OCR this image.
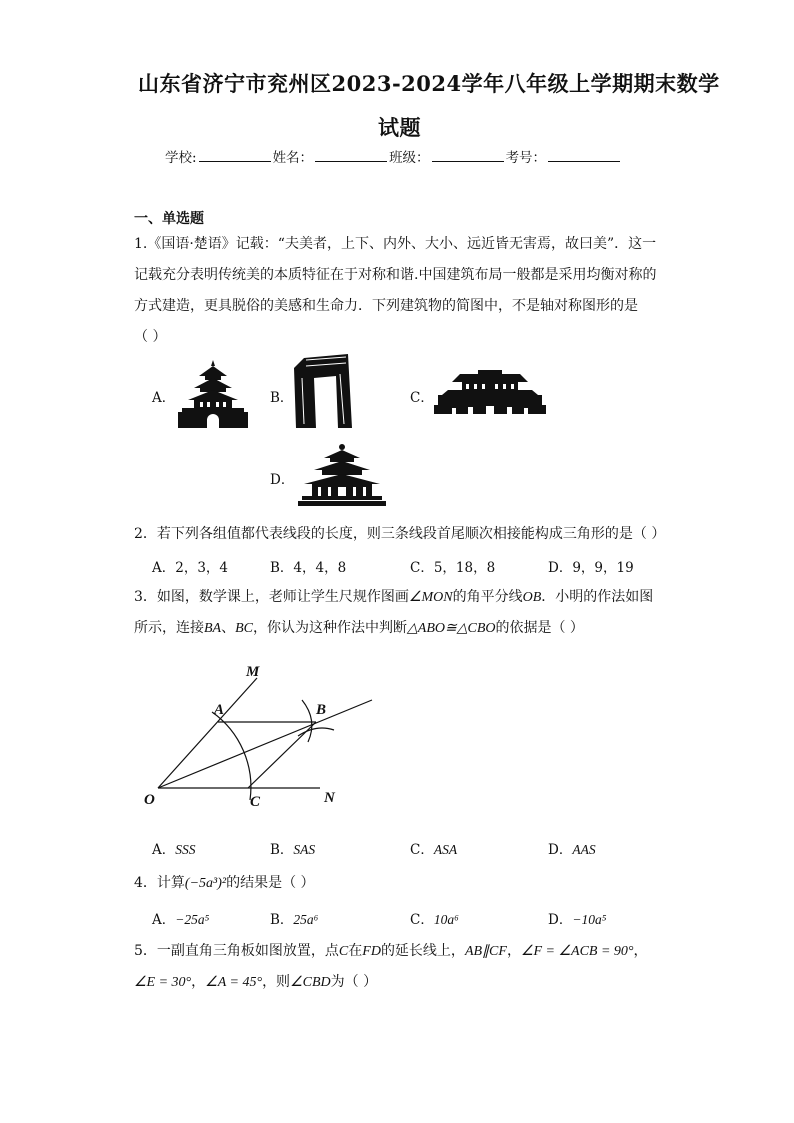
山东省济宁市兖州区2023-2024学年八年级上学期期末数学
试题
学校:	姓名：	班级：	考号：
一、单选题
1.《国语·楚语》记载：“夫美者，上下、内外、大小、远近皆无害焉，故曰美”．这一
记载充分表明传统美的本质特征在于对称和谐.中国建筑布局一般都是采用均衡对称的
方式建造，更具脱俗的美感和生命力．下列建筑物的简图中，不是轴对称图形的是
（ ）
A．	B．	C．
D．
2．若下列各组值都代表线段的长度，则三条线段首尾顺次相接能构成三角形的是（ ）
A．2，3，4	B．4，4，8	C．5，18，8	D．9，9，19
3．如图，数学课上，老师让学生尺规作图画∠MON的角平分线OB．小明的作法如图
所示，连接BA、BC，你认为这种作法中判断△ABO≅△CBO的依据是（ ）
M
A	B
O	C	N
A．SSS	B．SAS	C．ASA	D．AAS
4．计算(−5a³)²的结果是（ ）
A．−25a⁵	B．25a⁶	C．10a⁶	D．−10a⁵
5．一副直角三角板如图放置，点C在FD的延长线上，AB∥CF，∠F = ∠ACB = 90°，
∠E = 30°，∠A = 45°，则∠CBD为（ ）
